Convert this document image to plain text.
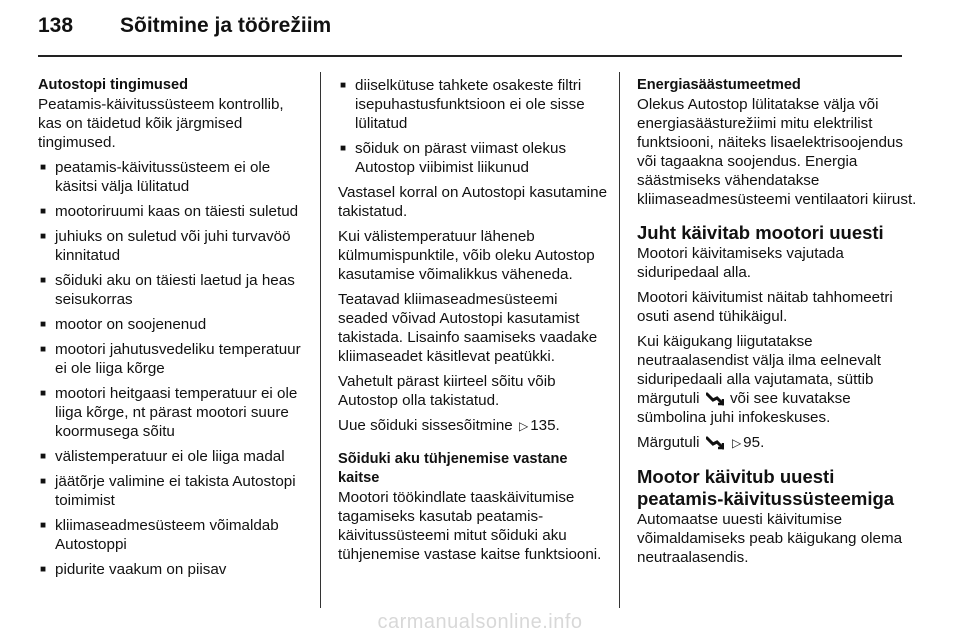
138	Sõitmine ja töörežiim
Autostopi tingimused

Peatamis-käivitussüsteem kontrollib, kas on täidetud kõik järgmised tingimused.

■ peatamis-käivitussüsteem ei ole käsitsi välja lülitatud
■ mootoriruumi kaas on täiesti suletud
■ juhiuks on suletud või juhi turvavöö kinnitatud
■ sõiduki aku on täiesti laetud ja heas seisukorras
■ mootor on soojenenud
■ mootori jahutusvedeliku temperatuur ei ole liiga kõrge
■ mootori heitgaasi temperatuur ei ole liiga kõrge, nt pärast mootori suure koormusega sõitu
■ välistemperatuur ei ole liiga madal
■ jäätõrje valimine ei takista Autostopi toimimist
■ kliimaseadmesüsteem võimaldab Autostoppi
■ pidurite vaakum on piisav
■ diiselkütuse tahkete osakeste filtri isepuhastusfunktsioon ei ole sisse lülitatud
■ sõiduk on pärast viimast olekus Autostop viibimist liikunud

Vastasel korral on Autostopi kasutamine takistatud.

Kui välistemperatuur läheneb külmumispunktile, võib oleku Autostop kasutamise võimalikkus väheneda.

Teatavad kliimaseadmesüsteemi seaded võivad Autostopi kasutamist takistada. Lisainfo saamiseks vaadake kliimaseadet käsitlevat peatükki.

Vahetult pärast kiirteel sõitu võib Autostop olla takistatud.

Uue sõiduki sissesõitmine ▷ 135.

Sõiduki aku tühjenemise vastane kaitse

Mootori töökindlate taaskäivitumise tagamiseks kasutab peatamis-käivitussüsteemi mitut sõiduki aku tühjenemise vastase kaitse funktsiooni.

Energiasäästumeetmed

Olekus Autostop lülitatakse välja või energiasäästurežiimi mitu elektrilist funktsiooni, näiteks lisaelektrisoojendus või tagaakna soojendus. Energia säästmiseks vähendatakse kliimaseadmesüsteemi ventilaatori kiirust.

Juht käivitab mootori uuesti

Mootori käivitamiseks vajutada siduripedaal alla.

Mootori käivitumist näitab tahhomeetri osuti asend tühikäigul.

Kui käigukang liigutatakse neutraalasendist välja ilma eelnevalt siduripedaali alla vajutamata, süttib märgutuli või see kuvatakse sümbolina juhi infokeskuses.

Märgutuli	▷ 95.

Mootor käivitub uuesti peatamis-käivitussüsteemiga

Automaatse uuesti käivitumise võimaldamiseks peab käigukang olema neutraalasendis.

carmanualsonline.info
